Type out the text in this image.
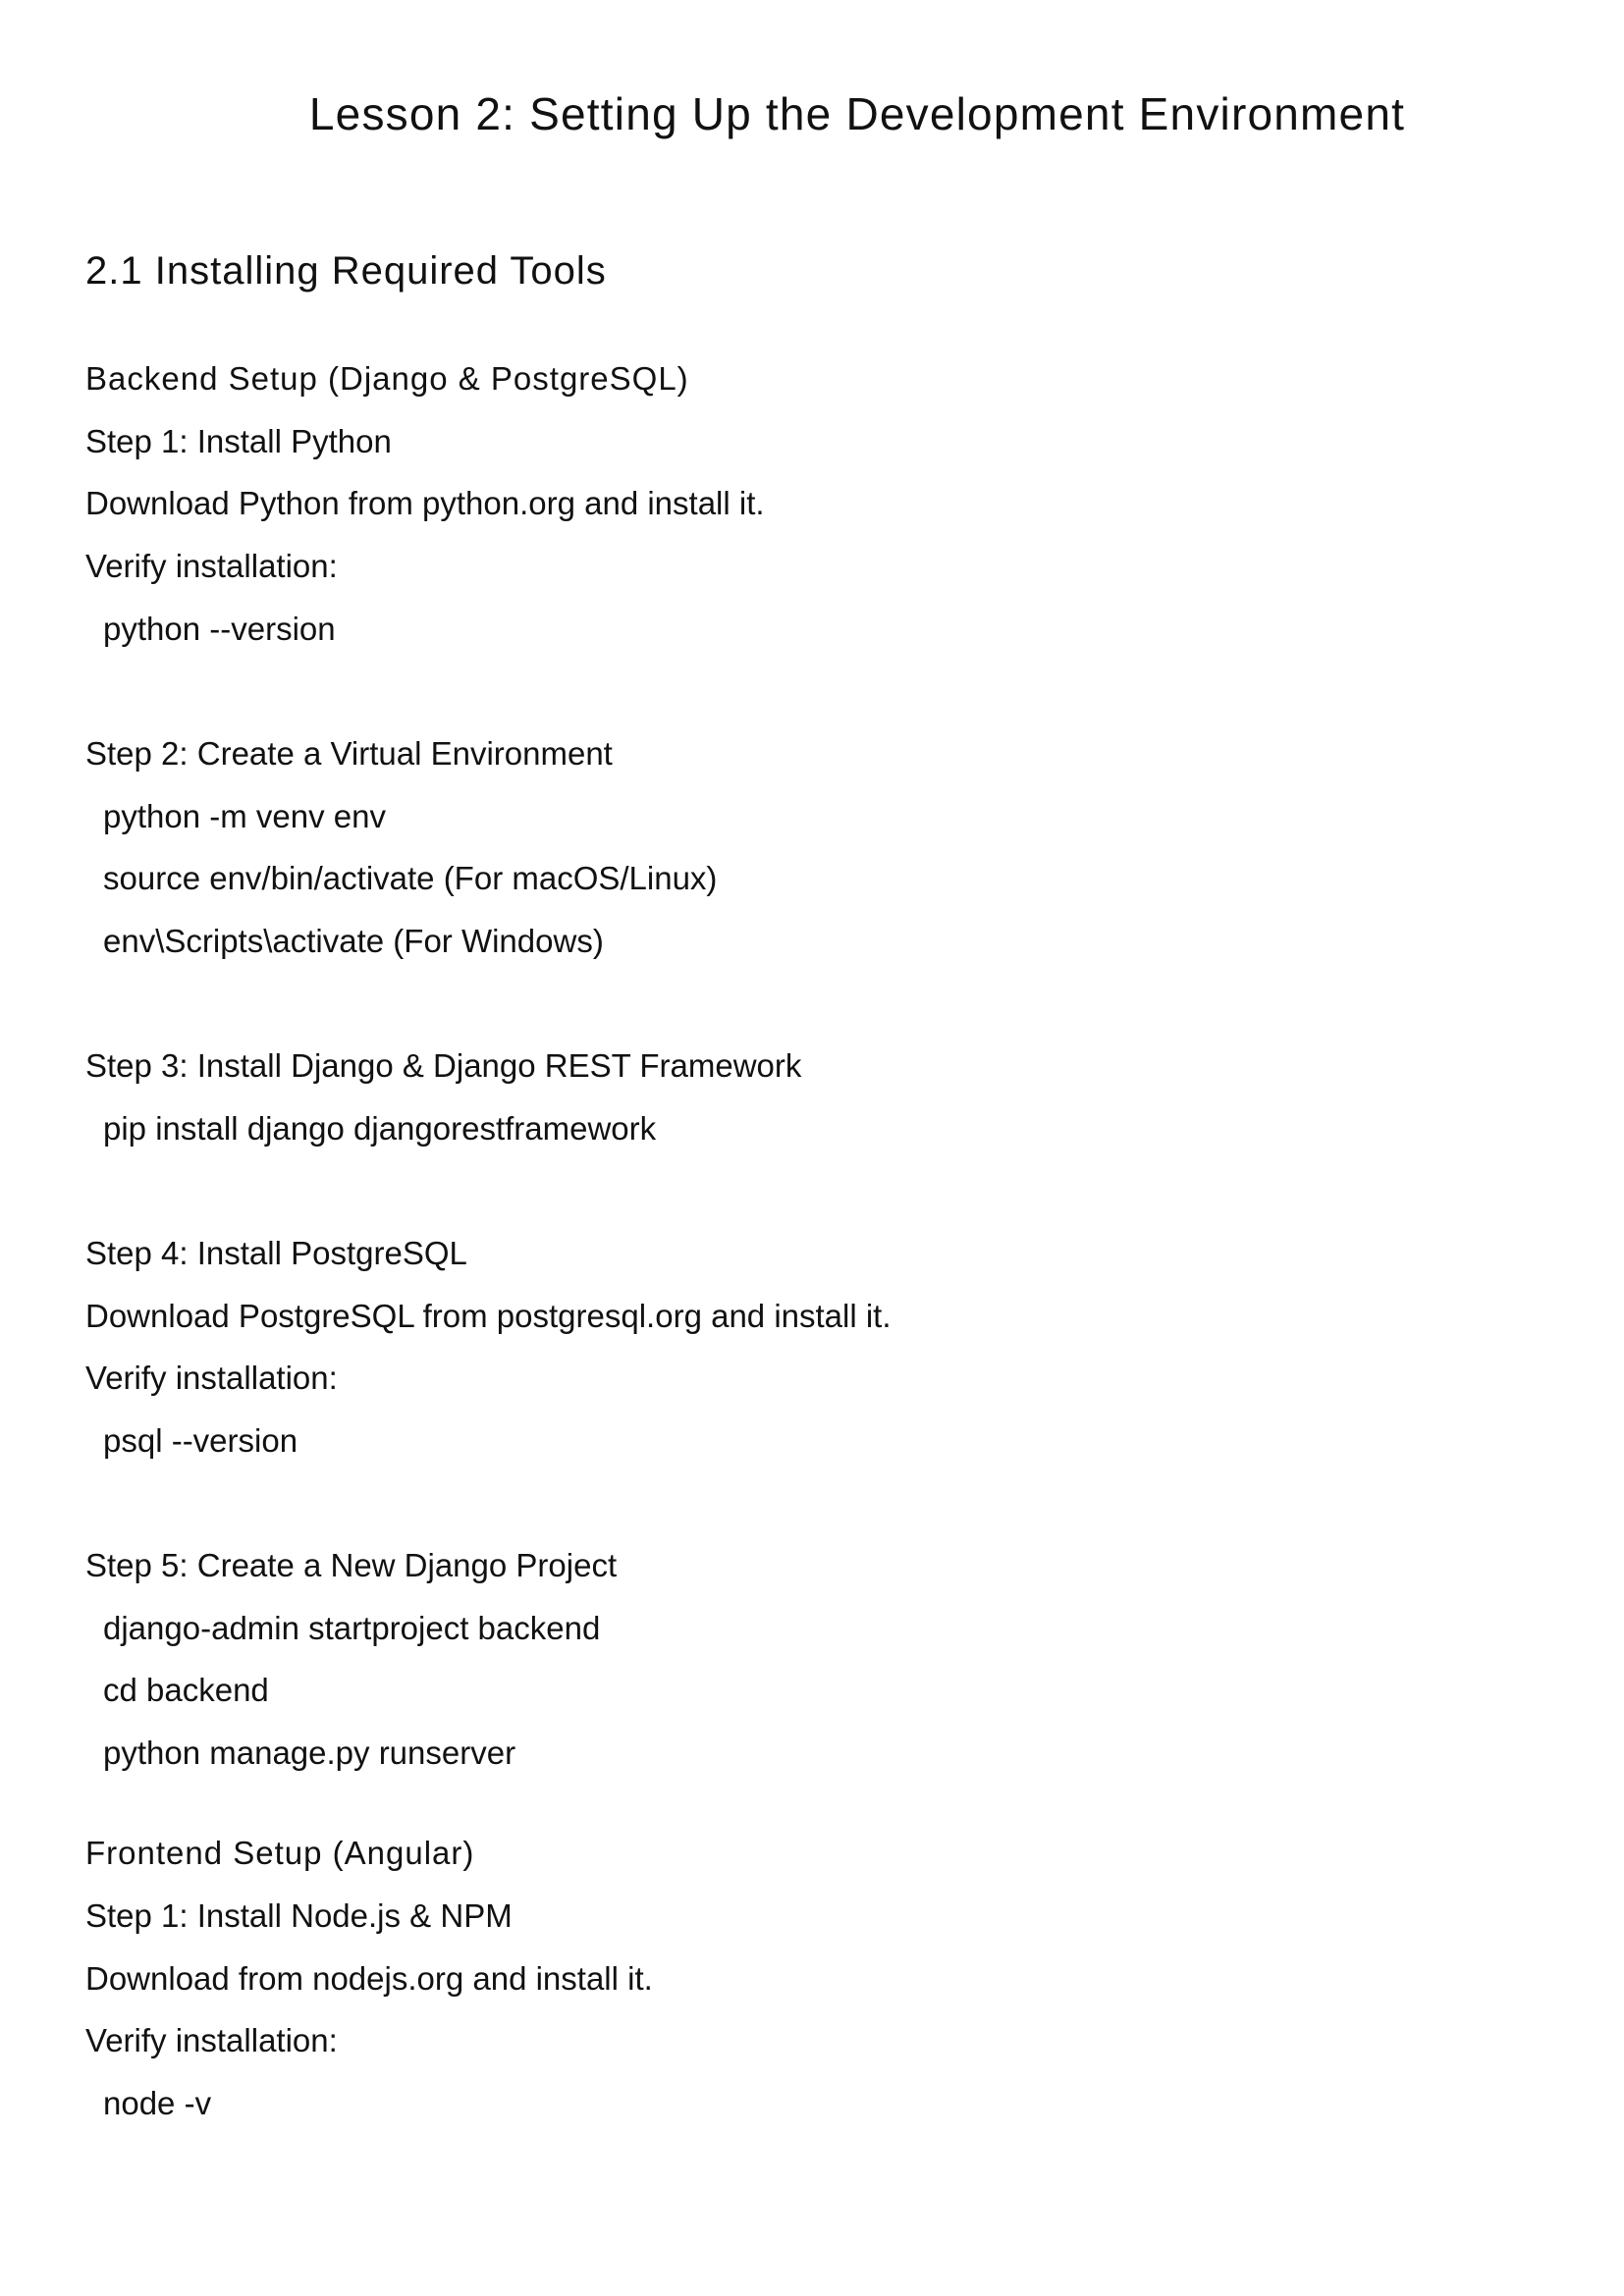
Lesson 2: Setting Up the Development Environment
2.1 Installing Required Tools
Backend Setup (Django & PostgreSQL)

Step 1: Install Python

Download Python from python.org and install it.

Verify installation:

python --version

Step 2: Create a Virtual Environment

python -m venv env

source env/bin/activate (For macOS/Linux)

env\Scripts\activate (For Windows)

Step 3: Install Django & Django REST Framework

pip install django djangorestframework

Step 4: Install PostgreSQL

Download PostgreSQL from postgresql.org and install it.

Verify installation:

psql --version

Step 5: Create a New Django Project

django-admin startproject backend

cd backend

python manage.py runserver

Frontend Setup (Angular)

Step 1: Install Node.js & NPM

Download from nodejs.org and install it.

Verify installation:

node -v
